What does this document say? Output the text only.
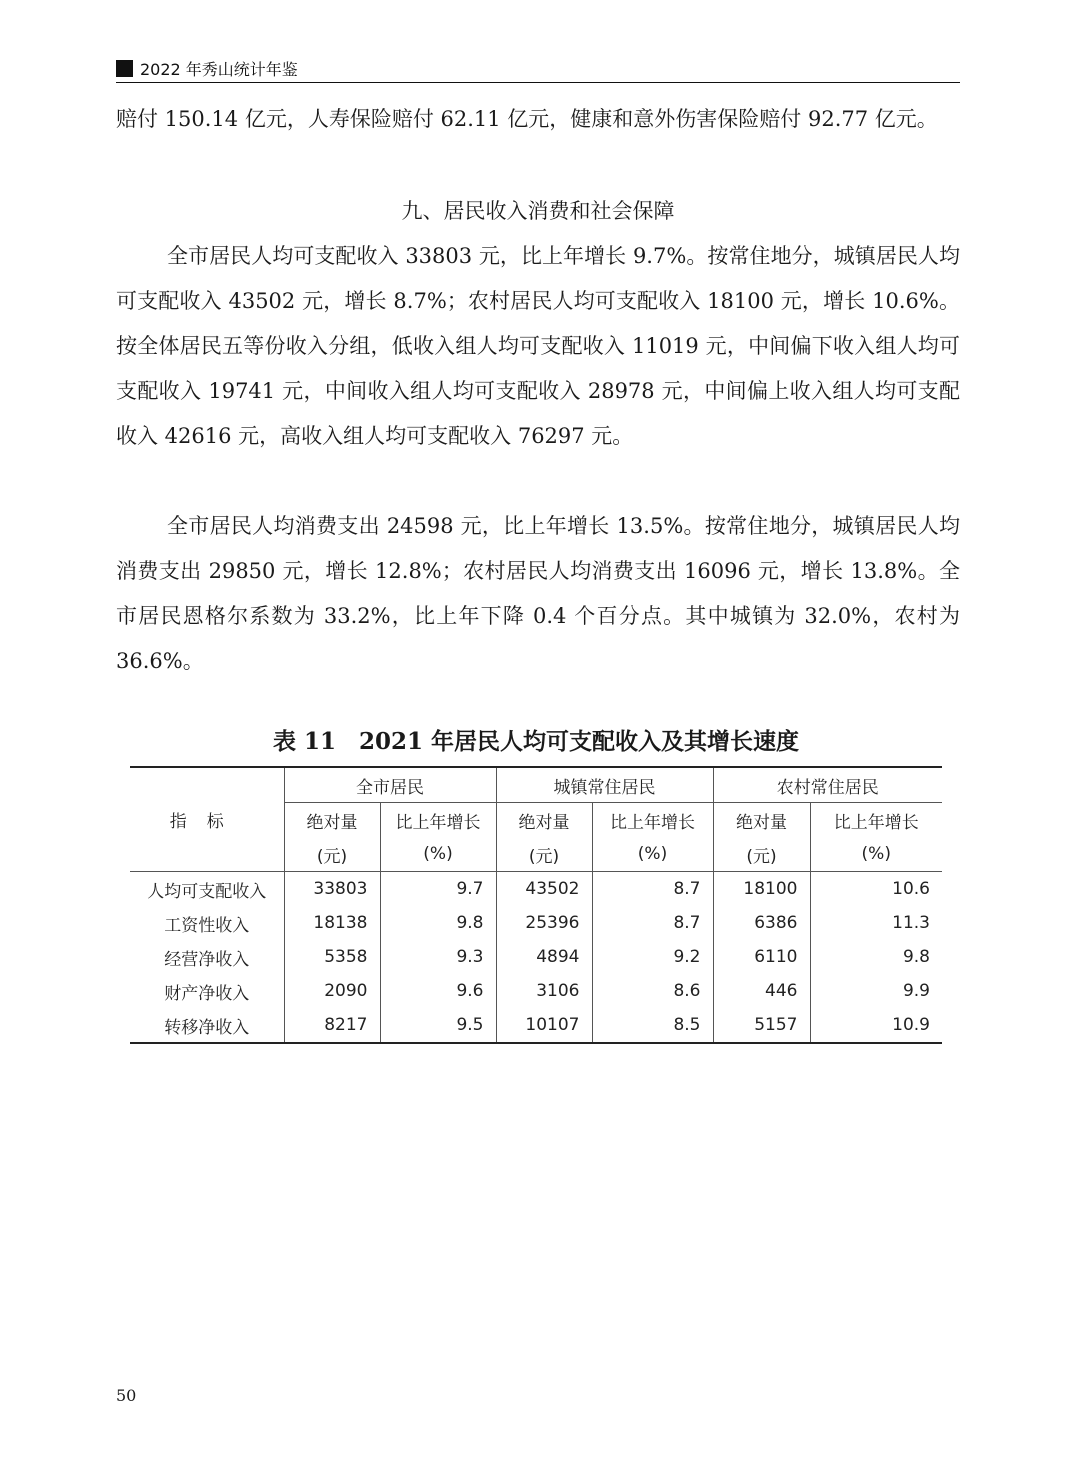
2022 年秀山统计年鉴

赔付 150.14 亿元，人寿保险赔付 62.11 亿元，健康和意外伤害保险赔付 92.77 亿元。

九、居民收入消费和社会保障

全市居民人均可支配收入 33803 元，比上年增长 9.7%。按常住地分，城镇居民人均可支配收入 43502 元，增长 8.7%；农村居民人均可支配收入 18100 元，增长 10.6%。按全体居民五等份收入分组，低收入组人均可支配收入 11019 元，中间偏下收入组人均可支配收入 19741 元，中间收入组人均可支配收入 28978 元，中间偏上收入组人均可支配收入 42616 元，高收入组人均可支配收入 76297 元。

全市居民人均消费支出 24598 元，比上年增长 13.5%。按常住地分，城镇居民人均消费支出 29850 元，增长 12.8%；农村居民人均消费支出 16096 元，增长 13.8%。全市居民恩格尔系数为 33.2%，比上年下降 0.4 个百分点。其中城镇为 32.0%，农村为 36.6%。

表 11　2021 年居民人均可支配收入及其增长速度
指标	全市居民		城镇常住居民		农村常住居民	
	绝对量	比上年增长	绝对量	比上年增长	绝对量	比上年增长
	(元)	(%)	(元)	(%)	(元)	(%)
人均可支配收入	33803	9.7	43502	8.7	18100	10.6
工资性收入	18138	9.8	25396	8.7	6386	11.3
经营净收入	5358	9.3	4894	9.2	6110	9.8
财产净收入	2090	9.6	3106	8.6	446	9.9
转移净收入	8217	9.5	10107	8.5	5157	10.9
50
